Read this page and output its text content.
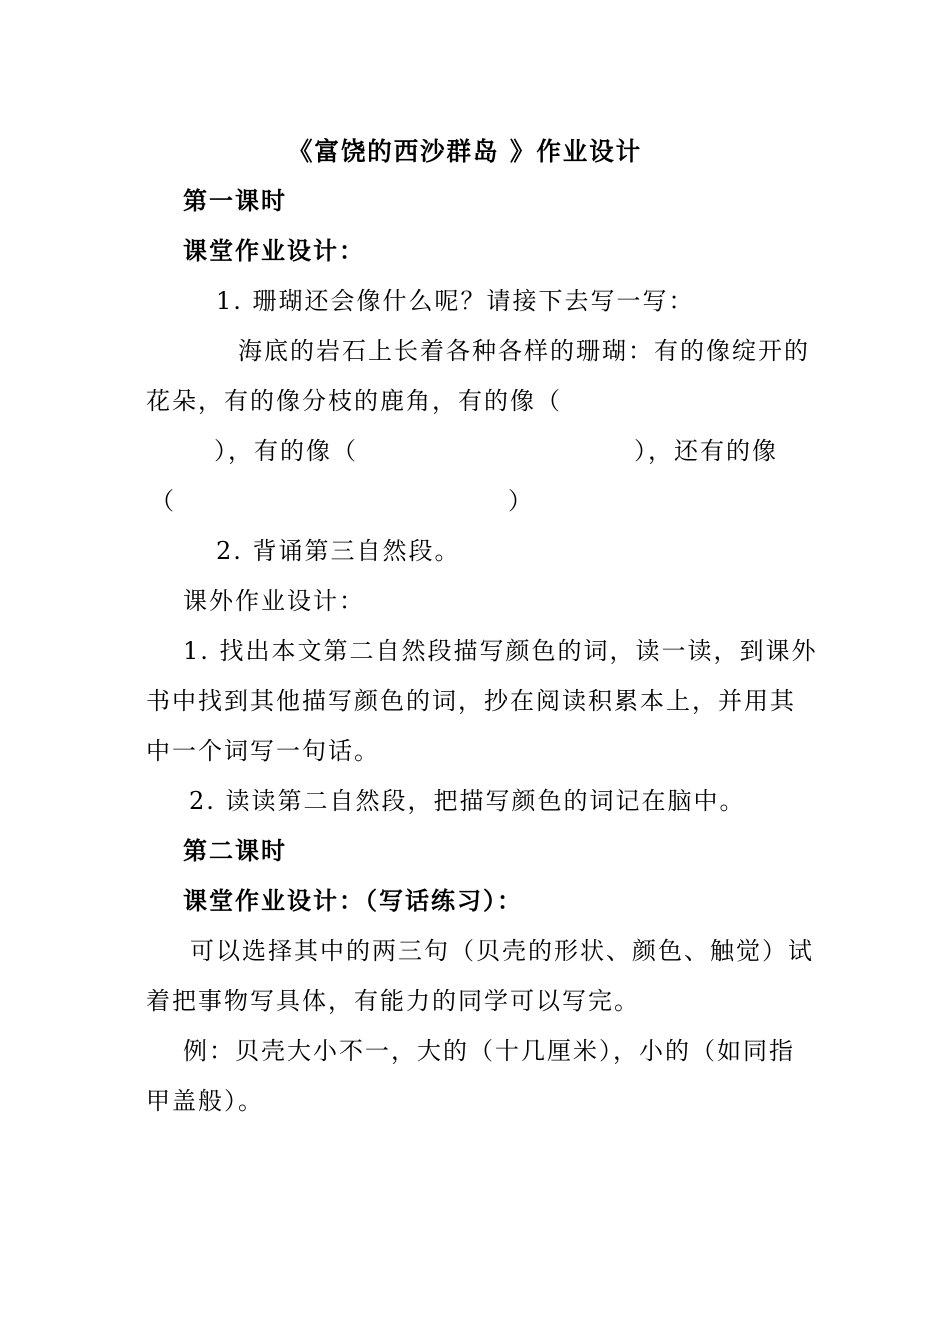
《富饶的西沙群岛 》作业设计
第一课时
课堂作业设计：
1. 珊瑚还会像什么呢？请接下去写一写：
海底的岩石上长着各种各样的珊瑚：有的像绽开的
花朵，有的像分枝的鹿角，有的像（
），有的像（	），还有的像
（	）
2. 背诵第三自然段。
课外作业设计：
1. 找出本文第二自然段描写颜色的词，读一读，到课外
书中找到其他描写颜色的词，抄在阅读积累本上，并用其
中一个词写一句话。
2. 读读第二自然段，把描写颜色的词记在脑中。
第二课时
课堂作业设计：（写话练习）：
可以选择其中的两三句（贝壳的形状、颜色、触觉）试
着把事物写具体，有能力的同学可以写完。
例：贝壳大小不一，大的（十几厘米），小的（如同指
甲盖般）。
